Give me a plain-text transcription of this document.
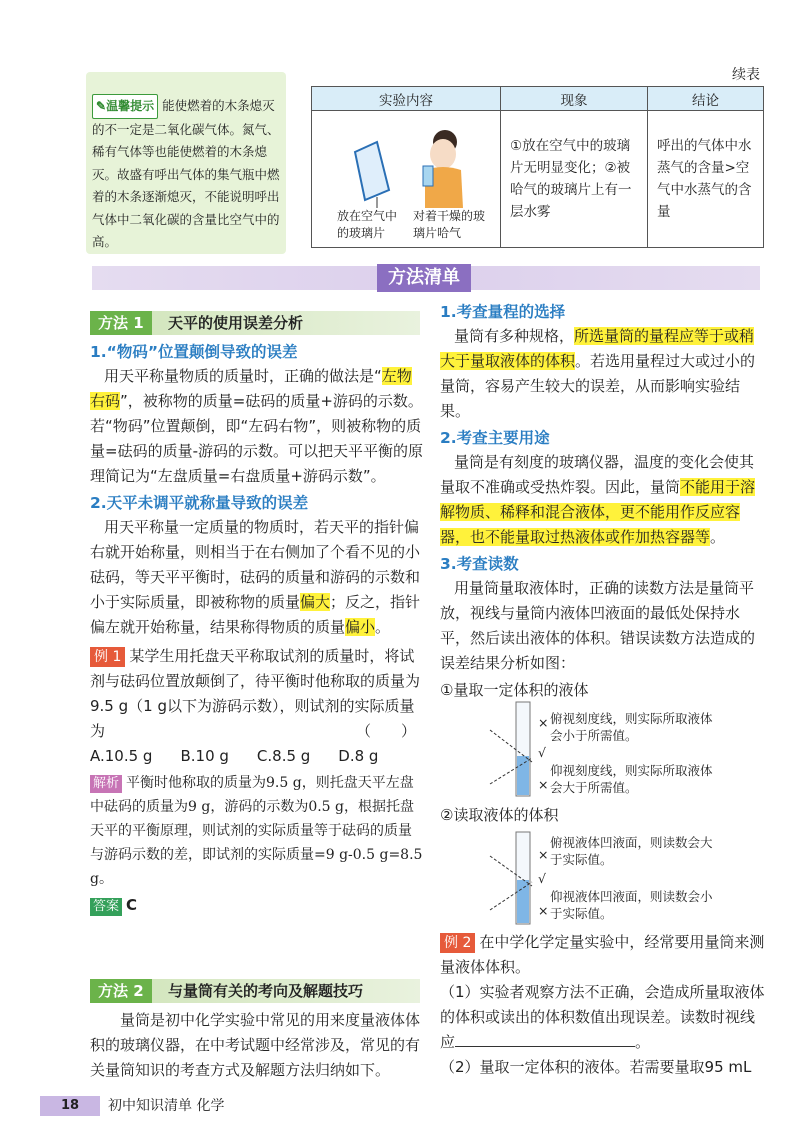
✎温馨提示 能使燃着的木条熄灭的不一定是二氧化碳气体。氮气、稀有气体等也能使燃着的木条熄灭。故盛有呼出气体的集气瓶中燃着的木条逐渐熄灭，不能说明呼出气体中二氧化碳的含量比空气中的高。
续表
实验内容	现象	结论

放在空气中的玻璃片
对着干燥的玻璃片哈气	①放在空气中的玻璃片无明显变化；②被哈气的玻璃片上有一层水雾	呼出的气体中水蒸气的含量>空气中水蒸气的含量
方法清单
方法 1	天平的使用误差分析
1.“物码”位置颠倒导致的误差
用天平称量物质的质量时，正确的做法是“左物右码”，被称物的质量=砝码的质量+游码的示数。若“物码”位置颠倒，即“左码右物”，则被称物的质量=砝码的质量-游码的示数。可以把天平平衡的原理简记为“左盘质量=右盘质量+游码示数”。
2.天平未调平就称量导致的误差
用天平称量一定质量的物质时，若天平的指针偏右就开始称量，则相当于在右侧加了个看不见的小砝码，等天平平衡时，砝码的质量和游码的示数和小于实际质量，即被称物的质量偏大；反之，指针偏左就开始称量，结果称得物质的质量偏小。
例 1 某学生用托盘天平称取试剂的质量时，将试剂与砝码位置放颠倒了，待平衡时他称取的质量为9.5 g（1 g以下为游码示数），则试剂的实际质量为	（　　）
A.10.5 g B.10 g C.8.5 g D.8 g
解析 平衡时他称取的质量为9.5 g，则托盘天平左盘中砝码的质量为9 g，游码的示数为0.5 g，根据托盘天平的平衡原理，则试剂的实际质量等于砝码的质量与游码示数的差，即试剂的实际质量=9 g-0.5 g=8.5 g。
答案 C
方法 2	与量筒有关的考向及解题技巧
量筒是初中化学实验中常见的用来度量液体体积的玻璃仪器，在中考试题中经常涉及，常见的有关量筒知识的考查方式及解题方法归纳如下。
1.考查量程的选择
量筒有多种规格，所选量筒的量程应等于或稍大于量取液体的体积。若选用量程过大或过小的量筒，容易产生较大的误差，从而影响实验结果。
2.考查主要用途
量筒是有刻度的玻璃仪器，温度的变化会使其量取不准确或受热炸裂。因此，量筒不能用于溶解物质、稀释和混合液体，更不能用作反应容器，也不能量取过热液体或作加热容器等。
3.考查读数
用量筒量取液体时，正确的读数方法是量筒平放，视线与量筒内液体凹液面的最低处保持水平，然后读出液体的体积。错误读数方法造成的误差结果分析如图：
①量取一定体积的液体
× 俯视刻度线，则实际所取液体会小于所需值。
√
×
仰视刻度线，则实际所取液体会大于所需值。
②读取液体的体积
×
俯视液体凹液面，则读数会大于实际值。
√
×
仰视液体凹液面，则读数会小于实际值。
例 2 在中学化学定量实验中，经常要用量筒来测量液体体积。
（1）实验者观察方法不正确，会造成所量取液体的体积或读出的体积数值出现误差。读数时视线应	。
（2）量取一定体积的液体。若需要量取95 mL
18	初中知识清单 化学
